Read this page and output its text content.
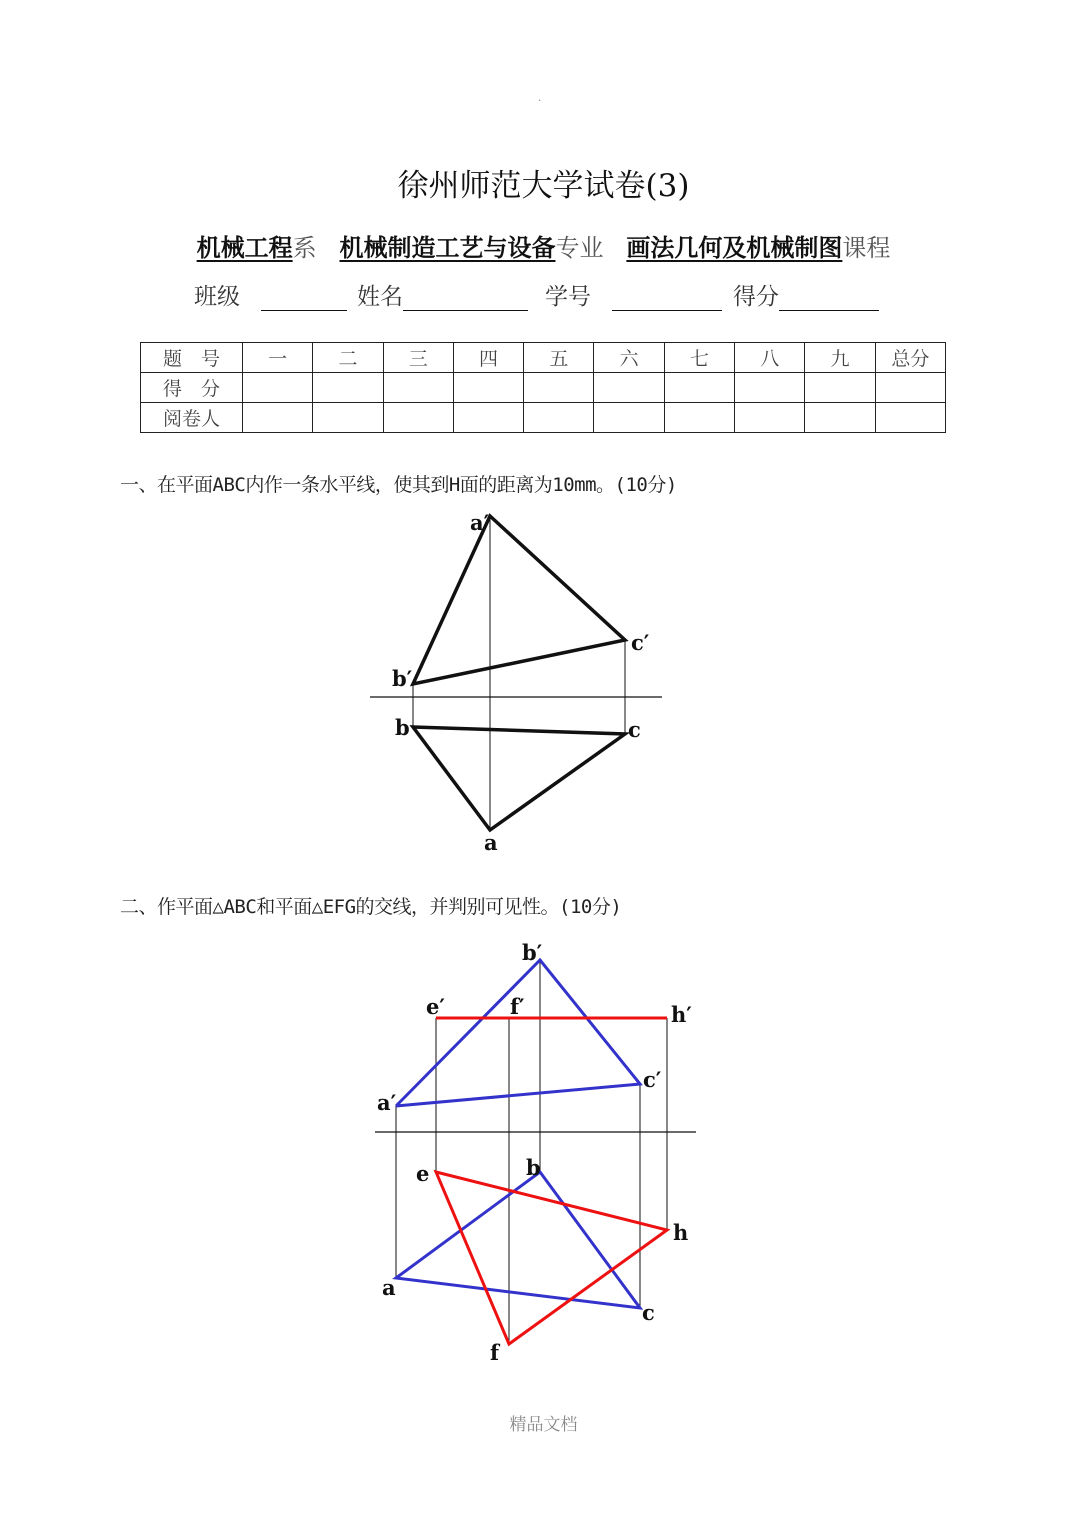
·
徐州师范大学试卷(3)
机械工程系 机械制造工艺与设备专业 画法几何及机械制图课程
班级	姓名	学号	得分
题　号	一	二	三	四	五	六	七	八	九	总分
得　分										
阅卷人										
一、在平面ABC内作一条水平线，使其到H面的距离为10mm。(10分)
a′
c′
b′
b	c
a
二、作平面△ABC和平面△EFG的交线，并判别可见性。(10分)
b′
e′	f′	h′
c′
a′
e	b
h
a
c
f
精品文档
